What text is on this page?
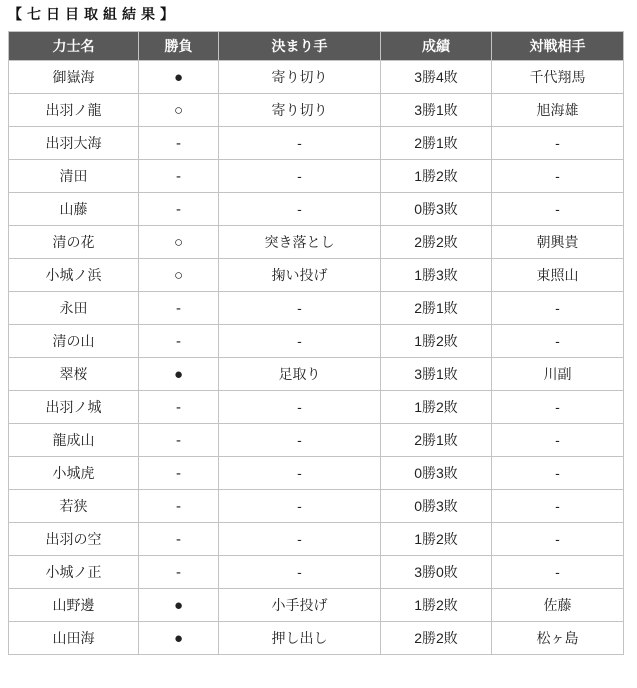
【七日目取組結果】
力士名	勝負	決まり手	成績	対戦相手
御嶽海	●	寄り切り	3勝4敗	千代翔馬
出羽ノ龍	○	寄り切り	3勝1敗	旭海雄
出羽大海	-	-	2勝1敗	-
清田	-	-	1勝2敗	-
山藤	-	-	0勝3敗	-
清の花	○	突き落とし	2勝2敗	朝興貴
小城ノ浜	○	掬い投げ	1勝3敗	東照山
永田	-	-	2勝1敗	-
清の山	-	-	1勝2敗	-
翠桜	●	足取り	3勝1敗	川副
出羽ノ城	-	-	1勝2敗	-
龍成山	-	-	2勝1敗	-
小城虎	-	-	0勝3敗	-
若狭	-	-	0勝3敗	-
出羽の空	-	-	1勝2敗	-
小城ノ正	-	-	3勝0敗	-
山野邊	●	小手投げ	1勝2敗	佐藤
山田海	●	押し出し	2勝2敗	松ヶ島
